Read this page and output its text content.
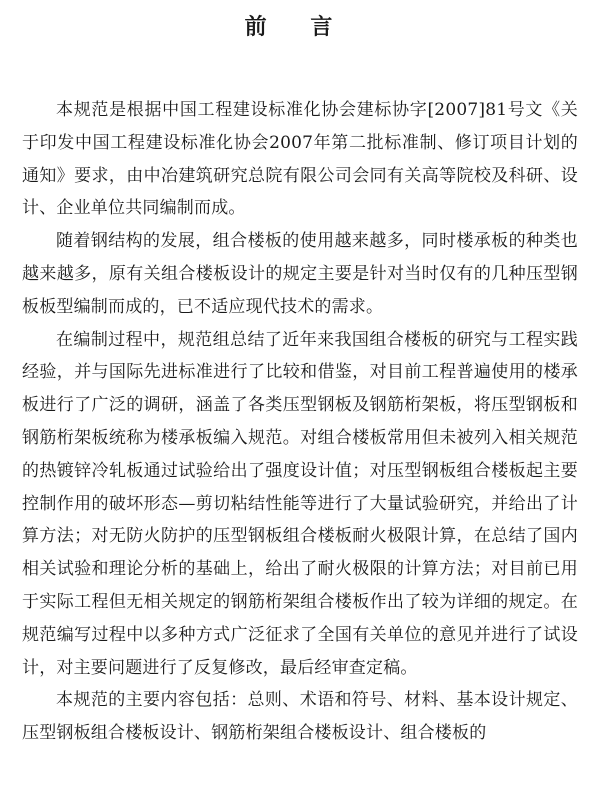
前 言

本规范是根据中国工程建设标准化协会建标协字[2007]81号文《关于印发中国工程建设标准化协会2007年第二批标准制、修订项目计划的通知》要求，由中冶建筑研究总院有限公司会同有关高等院校及科研、设计、企业单位共同编制而成。

随着钢结构的发展，组合楼板的使用越来越多，同时楼承板的种类也越来越多，原有关组合楼板设计的规定主要是针对当时仅有的几种压型钢板板型编制而成的，已不适应现代技术的需求。

在编制过程中，规范组总结了近年来我国组合楼板的研究与工程实践经验，并与国际先进标准进行了比较和借鉴，对目前工程普遍使用的楼承板进行了广泛的调研，涵盖了各类压型钢板及钢筋桁架板，将压型钢板和钢筋桁架板统称为楼承板编入规范。对组合楼板常用但未被列入相关规范的热镀锌冷轧板通过试验给出了强度设计值；对压型钢板组合楼板起主要控制作用的破坏形态—剪切粘结性能等进行了大量试验研究，并给出了计算方法；对无防火防护的压型钢板组合楼板耐火极限计算，在总结了国内相关试验和理论分析的基础上，给出了耐火极限的计算方法；对目前已用于实际工程但无相关规定的钢筋桁架组合楼板作出了较为详细的规定。在规范编写过程中以多种方式广泛征求了全国有关单位的意见并进行了试设计，对主要问题进行了反复修改，最后经审查定稿。

本规范的主要内容包括：总则、术语和符号、材料、基本设计规定、压型钢板组合楼板设计、钢筋桁架组合楼板设计、组合楼板的
